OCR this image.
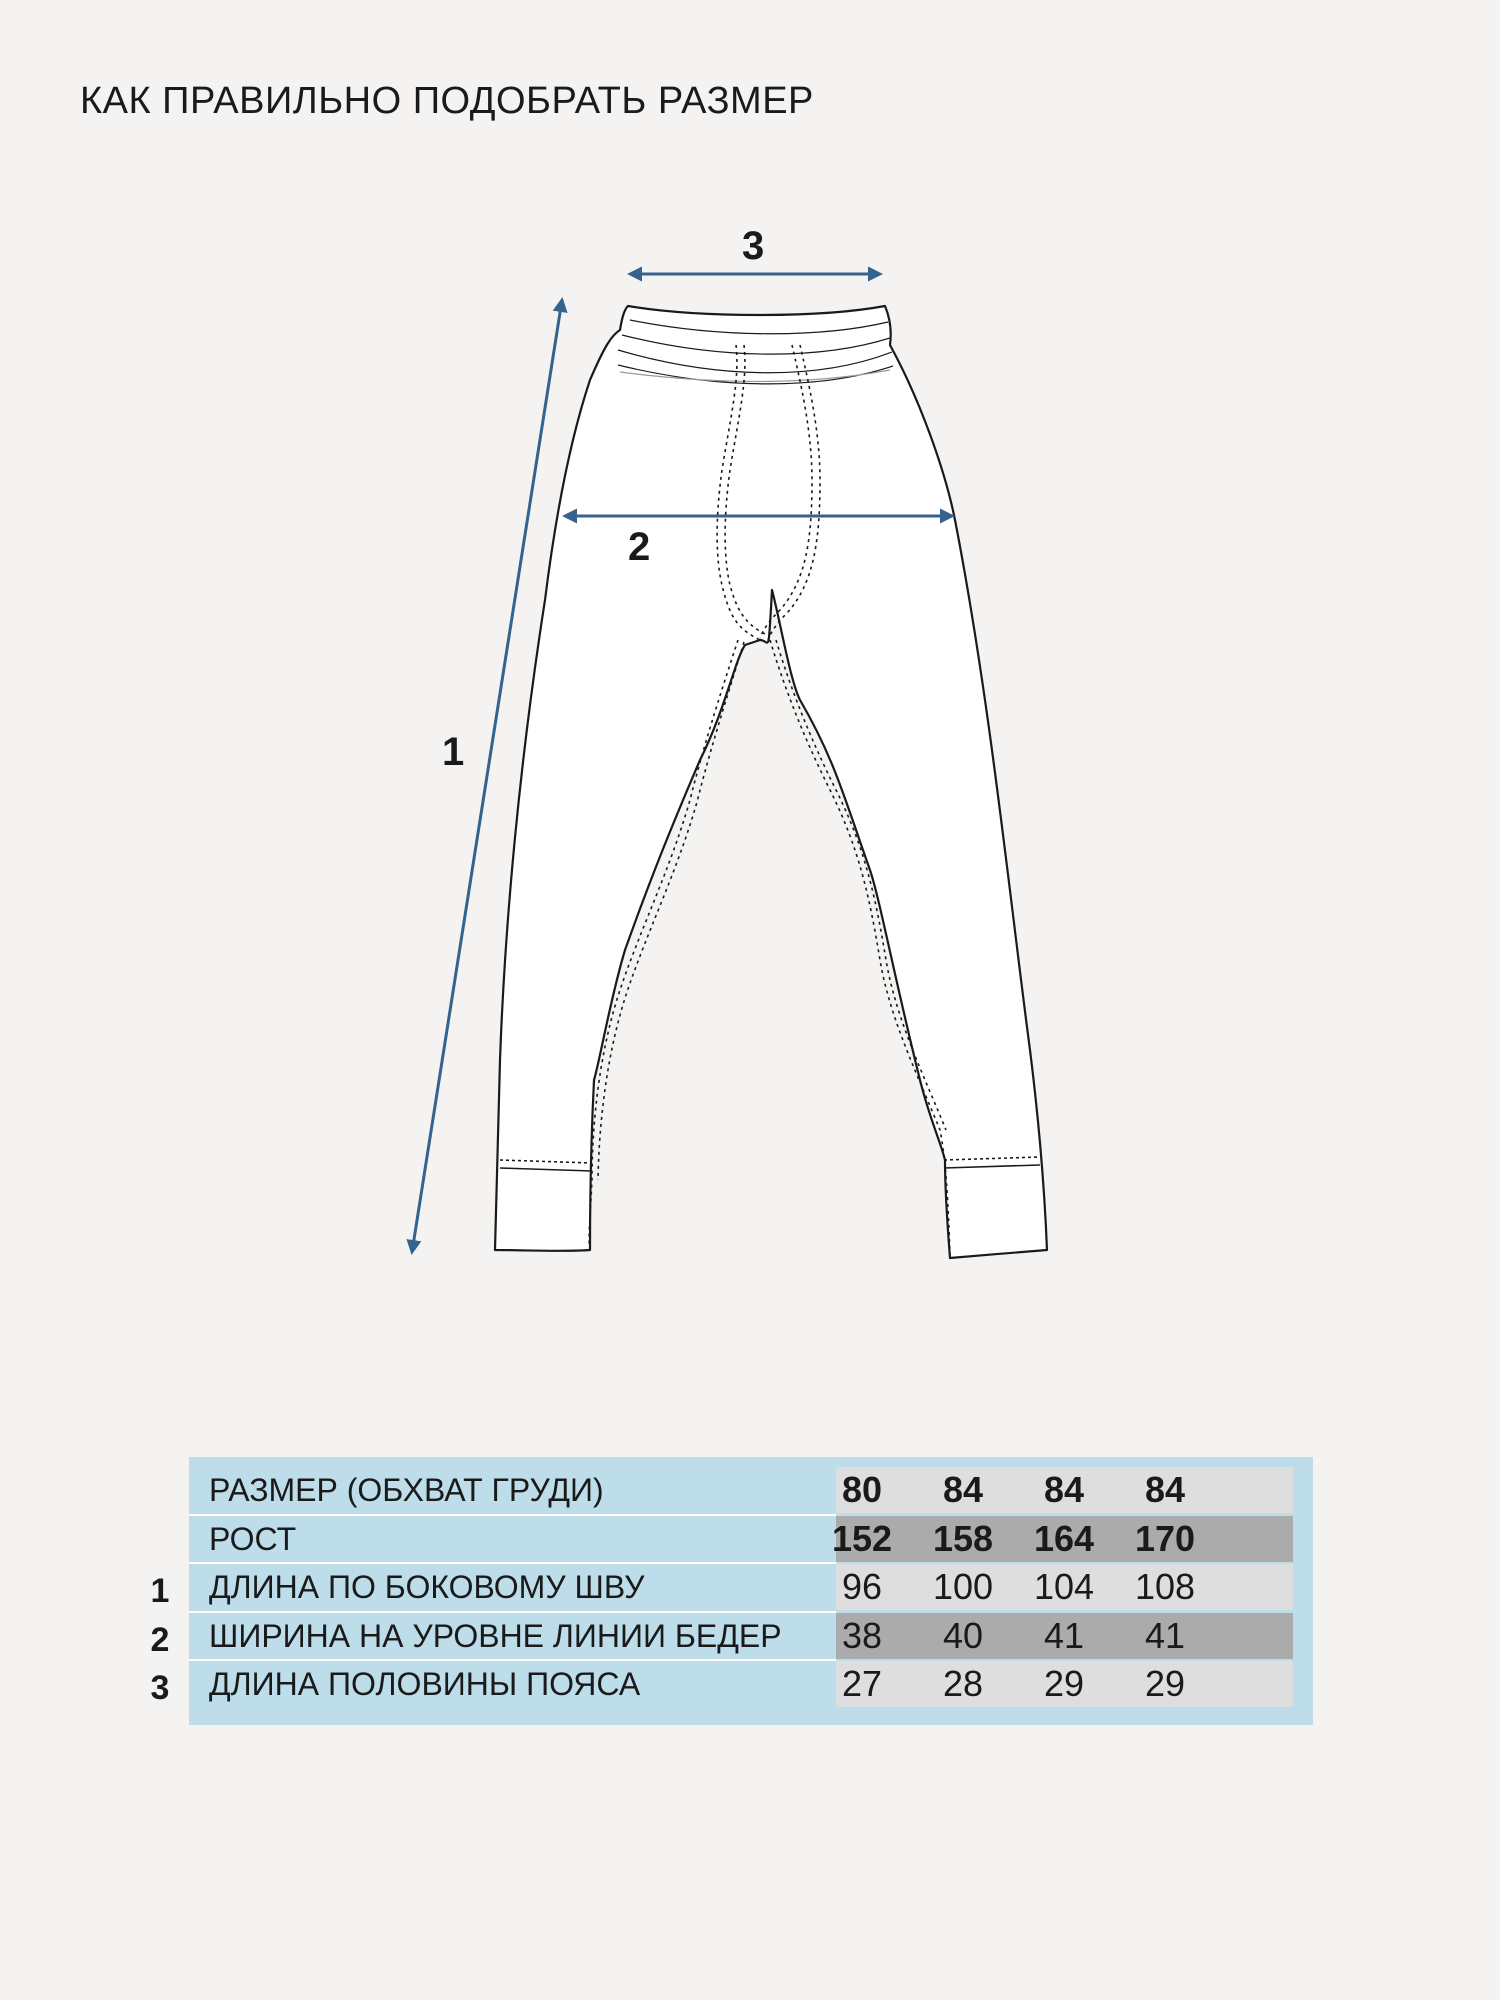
КАК ПРАВИЛЬНО ПОДОБРАТЬ РАЗМЕР
1
2
3
РАЗМЕР (ОБХВАТ ГРУДИ)	80	84	84	84
РОСТ	152	158	164	170
1 ДЛИНА ПО БОКОВОМУ ШВУ	96	100	104	108
2 ШИРИНА НА УРОВНЕ ЛИНИИ БЕДЕР	38	40	41	41
3 ДЛИНА ПОЛОВИНЫ ПОЯСА	27	28	29	29
